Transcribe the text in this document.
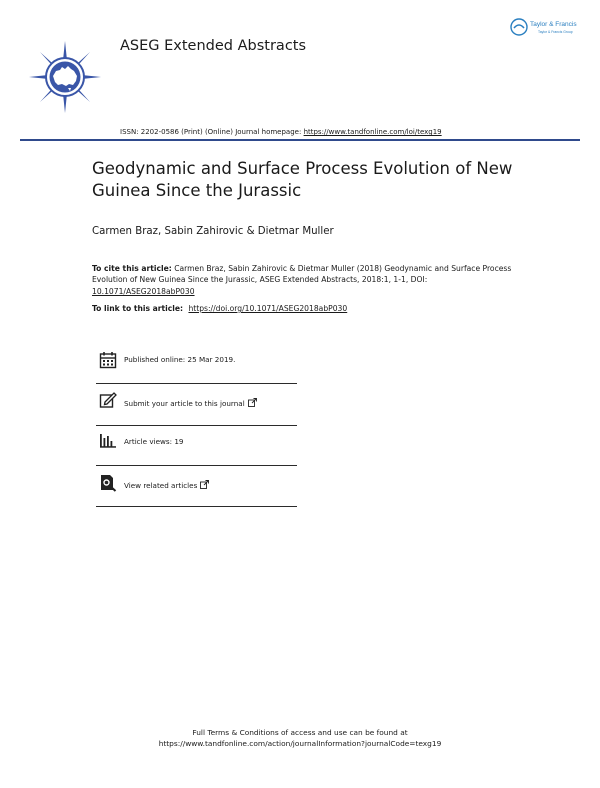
ASEG Extended Abstracts
Taylor & Francis
Taylor & Francis Group
ISSN: 2202-0586 (Print) (Online) Journal homepage: https://www.tandfonline.com/loi/texg19
Geodynamic and Surface Process Evolution of New Guinea Since the Jurassic
Carmen Braz, Sabin Zahirovic & Dietmar Muller
To cite this article: Carmen Braz, Sabin Zahirovic & Dietmar Muller (2018) Geodynamic and Surface Process Evolution of New Guinea Since the Jurassic, ASEG Extended Abstracts, 2018:1, 1-1, DOI: 10.1071/ASEG2018abP030
To link to this article: https://doi.org/10.1071/ASEG2018abP030
Published online: 25 Mar 2019.
Submit your article to this journal
Article views: 19
View related articles
Full Terms & Conditions of access and use can be found at
https://www.tandfonline.com/action/journalInformation?journalCode=texg19
